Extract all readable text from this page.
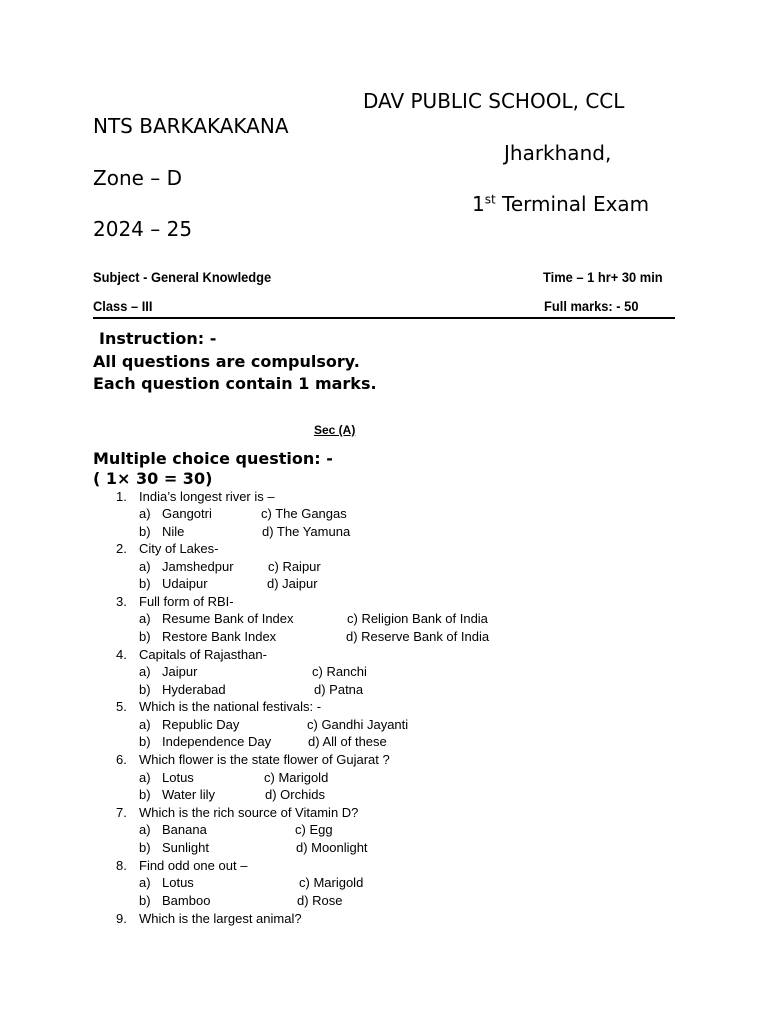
DAV PUBLIC SCHOOL, CCL
NTS BARKAKAKANA
Jharkhand,
Zone – D
1st Terminal Exam
2024 – 25
Subject - General Knowledge	Time – 1 hr+ 30 min
Class – III	Full marks: - 50
Instruction: -
All questions are compulsory.
Each question contain 1 marks.
Sec (A)
Multiple choice question: -
( 1× 30 = 30)
1. India’s longest river is –
a) Gangotri	c) The Gangas
b) Nile	d) The Yamuna
2. City of Lakes-
a) Jamshedpur	c) Raipur
b) Udaipur	d) Jaipur
3. Full form of RBI-
a) Resume Bank of Index	c) Religion Bank of India
b) Restore Bank Index	d) Reserve Bank of India
4. Capitals of Rajasthan-
a) Jaipur	c) Ranchi
b) Hyderabad	d) Patna
5. Which is the national festivals: -
a) Republic Day	c) Gandhi Jayanti
b) Independence Day	d) All of these
6. Which flower is the state flower of Gujarat ?
a) Lotus	c) Marigold
b) Water lily	d) Orchids
7. Which is the rich source of Vitamin D?
a) Banana	c) Egg
b) Sunlight	d) Moonlight
8. Find odd one out –
a) Lotus	c) Marigold
b) Bamboo	d) Rose
9. Which is the largest animal?
